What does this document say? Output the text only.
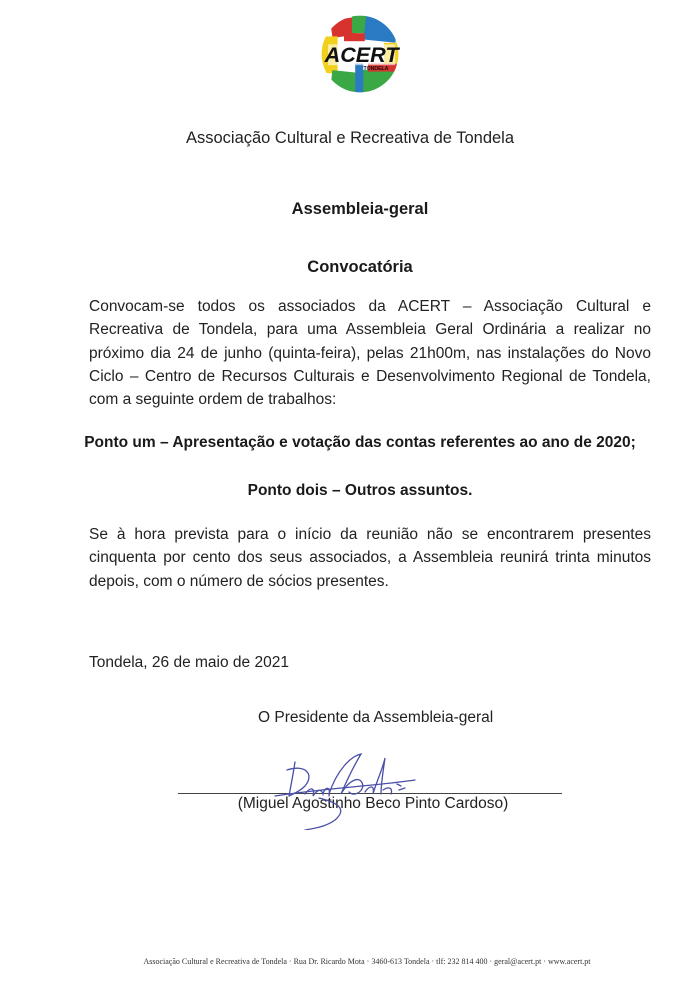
ACERT
TONDELA
Associação Cultural e Recreativa de Tondela
Assembleia-geral
Convocatória
Convocam-se todos os associados da ACERT – Associação Cultural e Recreativa de Tondela, para uma Assembleia Geral Ordinária a realizar no próximo dia 24 de junho (quinta-feira), pelas 21h00m, nas instalações do Novo Ciclo – Centro de Recursos Culturais e Desenvolvimento Regional de Tondela, com a seguinte ordem de trabalhos:
Ponto um – Apresentação e votação das contas referentes ao ano de 2020;
Ponto dois – Outros assuntos.
Se à hora prevista para o início da reunião não se encontrarem presentes cinquenta por cento dos seus associados, a Assembleia reunirá trinta minutos depois, com o número de sócios presentes.
Tondela, 26 de maio de 2021
O Presidente da Assembleia-geral
(Miguel Agostinho Beco Pinto Cardoso)
Associação Cultural e Recreativa de Tondela · Rua Dr. Ricardo Mota · 3460-613 Tondela · tlf: 232 814 400 · geral@acert.pt · www.acert.pt
